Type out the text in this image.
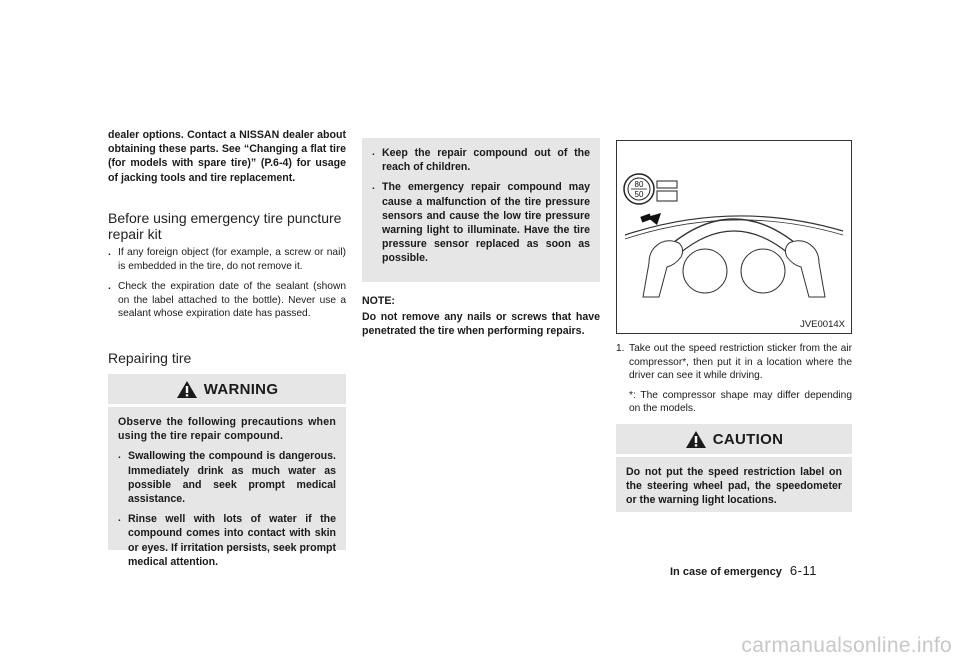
dealer options. Contact a NISSAN dealer about obtaining these parts. See “Changing a flat tire (for models with spare tire)” (P.6-4) for usage of jacking tools and tire replacement.
Before using emergency tire puncture repair kit
. If any foreign object (for example, a screw or nail) is embedded in the tire, do not remove it.
. Check the expiration date of the sealant (shown on the label attached to the bottle). Never use a sealant whose expiration date has passed.
Repairing tire
WARNING
Observe the following precautions when using the tire repair compound.
. Swallowing the compound is dangerous. Immediately drink as much water as possible and seek prompt medical assistance.
. Rinse well with lots of water if the compound comes into contact with skin or eyes. If irritation persists, seek prompt medical attention.
. Keep the repair compound out of the reach of children.
. The emergency repair compound may cause a malfunction of the tire pressure sensors and cause the low tire pressure warning light to illuminate. Have the tire pressure sensor replaced as soon as possible.
NOTE:
Do not remove any nails or screws that have penetrated the tire when performing repairs.
80
50
JVE0014X
1. Take out the speed restriction sticker from the air compressor*, then put it in a location where the driver can see it while driving.
*: The compressor shape may differ depending on the models.
CAUTION
Do not put the speed restriction label on the steering wheel pad, the speedometer or the warning light locations.
In case of emergency 6-11
carmanualsonline.info
